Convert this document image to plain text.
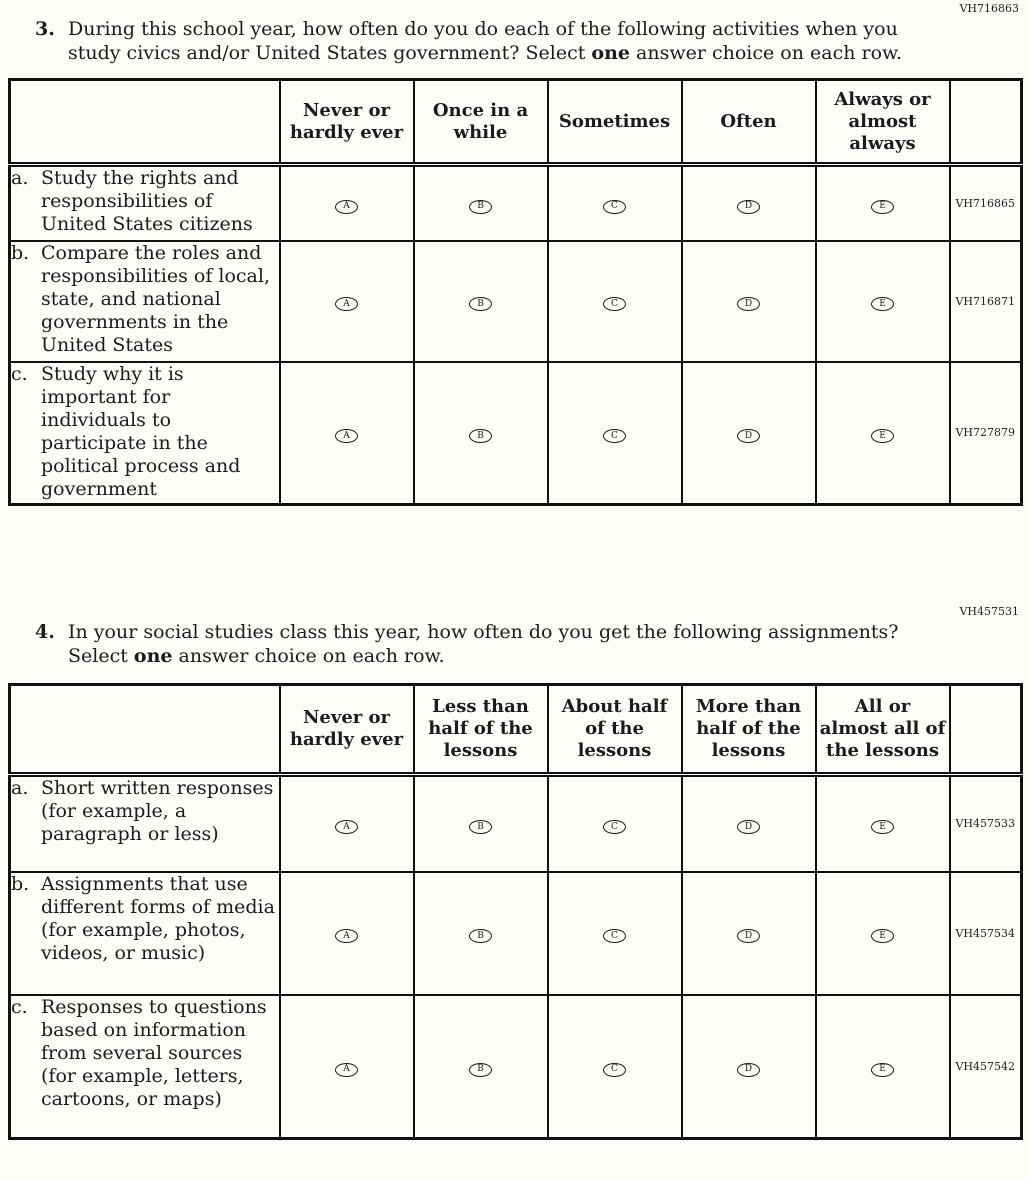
VH716863
3. During this school year, how often do you do each of the following activities when you study civics and/or United States government? Select one answer choice on each row.
	Never or hardly ever	Once in a while	Sometimes	Often	Always or almost always	

a. Study the rights and responsibilities of United States citizens	A	B	C	D	E	VH716865

b. Compare the roles and responsibilities of local, state, and national governments in the United States	A	B	C	D	E	VH716871

c. Study why it is important for individuals to participate in the political process and government	A	B	C	D	E	VH727879
VH457531
4. In your social studies class this year, how often do you get the following assignments? Select one answer choice on each row.
	Never or hardly ever	Less than half of the lessons	About half of the lessons	More than half of the lessons	All or almost all of the lessons	

a. Short written responses (for example, a paragraph or less)	A	B	C	D	E	VH457533

b. Assignments that use different forms of media (for example, photos, videos, or music)	A	B	C	D	E	VH457534

c. Responses to questions based on information from several sources (for example, letters, cartoons, or maps)	A	B	C	D	E	VH457542
